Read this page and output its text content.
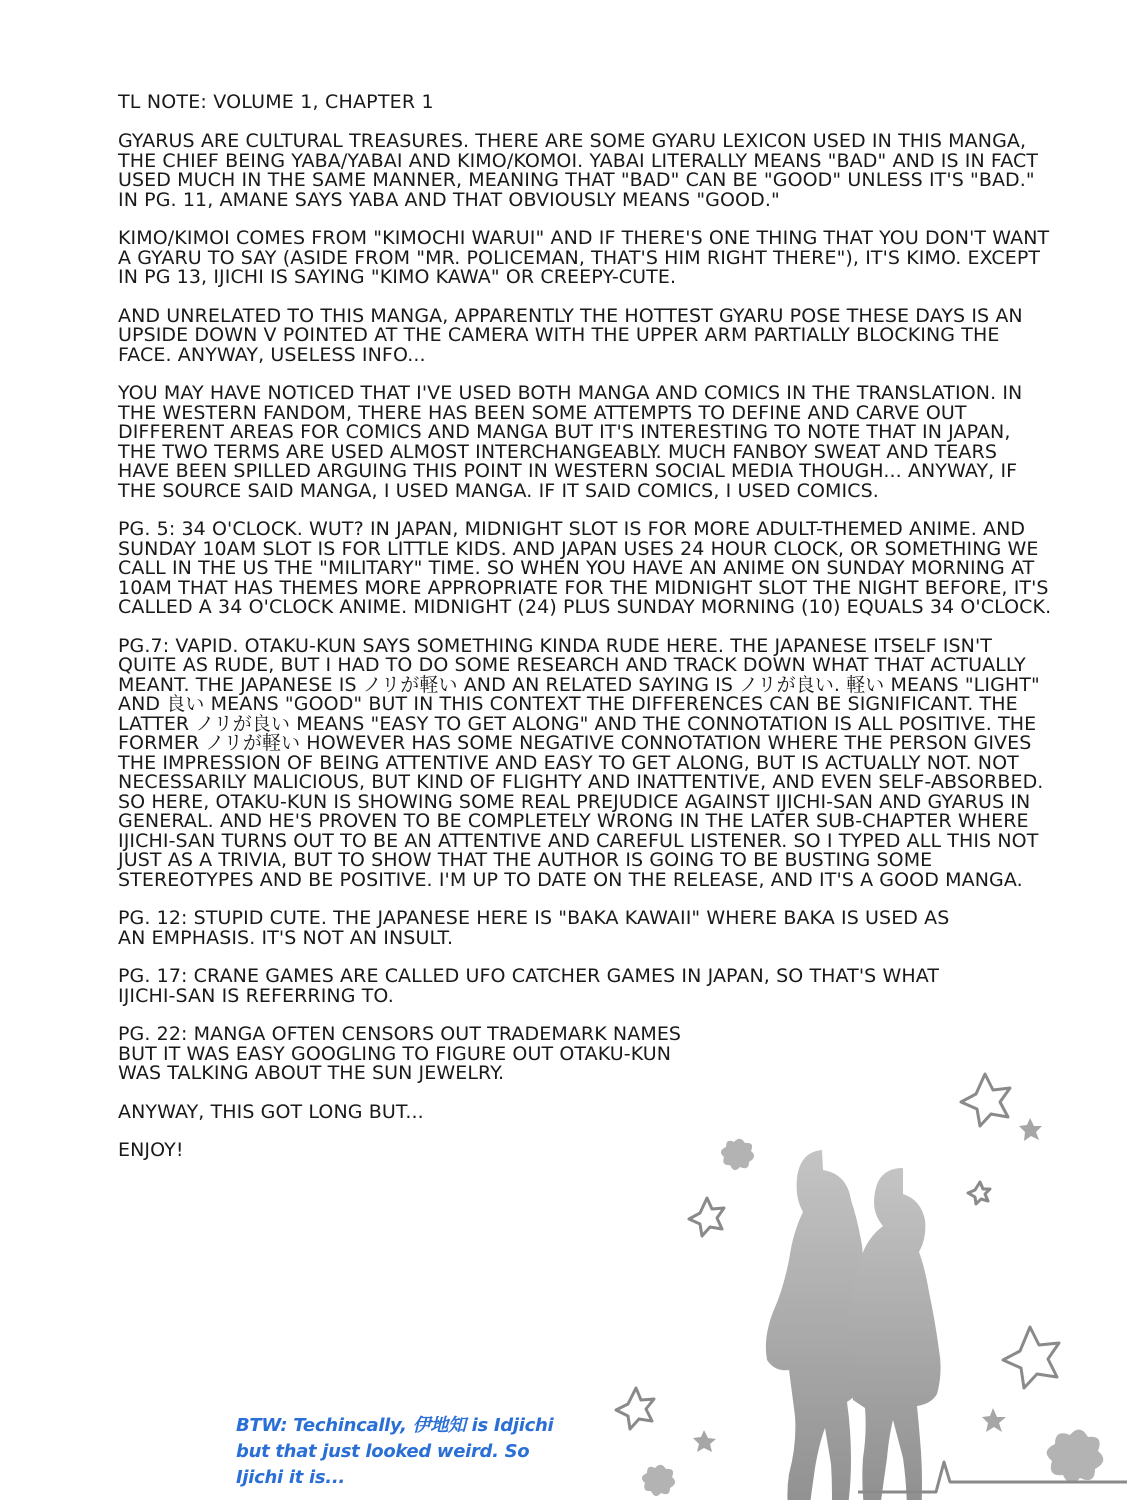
TL NOTE: VOLUME 1, CHAPTER 1
GYARUS ARE CULTURAL TREASURES. THERE ARE SOME GYARU LEXICON USED IN THIS MANGA, THE CHIEF BEING YABA/YABAI AND KIMO/KOMOI. YABAI LITERALLY MEANS "BAD" AND IS IN FACT USED MUCH IN THE SAME MANNER, MEANING THAT "BAD" CAN BE "GOOD" UNLESS IT'S "BAD." IN PG. 11, AMANE SAYS YABA AND THAT OBVIOUSLY MEANS "GOOD."
KIMO/KIMOI COMES FROM "KIMOCHI WARUI" AND IF THERE'S ONE THING THAT YOU DON'T WANT A GYARU TO SAY (ASIDE FROM "MR. POLICEMAN, THAT'S HIM RIGHT THERE"), IT'S KIMO. EXCEPT IN PG 13, IJICHI IS SAYING "KIMO KAWA" OR CREEPY-CUTE.
AND UNRELATED TO THIS MANGA, APPARENTLY THE HOTTEST GYARU POSE THESE DAYS IS AN UPSIDE DOWN V POINTED AT THE CAMERA WITH THE UPPER ARM PARTIALLY BLOCKING THE FACE. ANYWAY, USELESS INFO...
YOU MAY HAVE NOTICED THAT I'VE USED BOTH MANGA AND COMICS IN THE TRANSLATION. IN THE WESTERN FANDOM, THERE HAS BEEN SOME ATTEMPTS TO DEFINE AND CARVE OUT DIFFERENT AREAS FOR COMICS AND MANGA BUT IT'S INTERESTING TO NOTE THAT IN JAPAN, THE TWO TERMS ARE USED ALMOST INTERCHANGEABLY. MUCH FANBOY SWEAT AND TEARS HAVE BEEN SPILLED ARGUING THIS POINT IN WESTERN SOCIAL MEDIA THOUGH... ANYWAY, IF THE SOURCE SAID MANGA, I USED MANGA. IF IT SAID COMICS, I USED COMICS.
PG. 5: 34 O'CLOCK. WUT? IN JAPAN, MIDNIGHT SLOT IS FOR MORE ADULT-THEMED ANIME. AND SUNDAY 10AM SLOT IS FOR LITTLE KIDS. AND JAPAN USES 24 HOUR CLOCK, OR SOMETHING WE CALL IN THE US THE "MILITARY" TIME. SO WHEN YOU HAVE AN ANIME ON SUNDAY MORNING AT 10AM THAT HAS THEMES MORE APPROPRIATE FOR THE MIDNIGHT SLOT THE NIGHT BEFORE, IT'S CALLED A 34 O'CLOCK ANIME. MIDNIGHT (24) PLUS SUNDAY MORNING (10) EQUALS 34 O'CLOCK.
PG.7: VAPID. OTAKU-KUN SAYS SOMETHING KINDA RUDE HERE. THE JAPANESE ITSELF ISN'T QUITE AS RUDE, BUT I HAD TO DO SOME RESEARCH AND TRACK DOWN WHAT THAT ACTUALLY MEANT. THE JAPANESE IS ノリが軽い AND AN RELATED SAYING IS ノリが良い. 軽い MEANS "LIGHT" AND 良い MEANS "GOOD" BUT IN THIS CONTEXT THE DIFFERENCES CAN BE SIGNIFICANT. THE LATTER ノリが良い MEANS "EASY TO GET ALONG" AND THE CONNOTATION IS ALL POSITIVE. THE FORMER ノリが軽い HOWEVER HAS SOME NEGATIVE CONNOTATION WHERE THE PERSON GIVES THE IMPRESSION OF BEING ATTENTIVE AND EASY TO GET ALONG, BUT IS ACTUALLY NOT. NOT NECESSARILY MALICIOUS, BUT KIND OF FLIGHTY AND INATTENTIVE, AND EVEN SELF-ABSORBED. SO HERE, OTAKU-KUN IS SHOWING SOME REAL PREJUDICE AGAINST IJICHI-SAN AND GYARUS IN GENERAL. AND HE'S PROVEN TO BE COMPLETELY WRONG IN THE LATER SUB-CHAPTER WHERE IJICHI-SAN TURNS OUT TO BE AN ATTENTIVE AND CAREFUL LISTENER. SO I TYPED ALL THIS NOT JUST AS A TRIVIA, BUT TO SHOW THAT THE AUTHOR IS GOING TO BE BUSTING SOME STEREOTYPES AND BE POSITIVE. I'M UP TO DATE ON THE RELEASE, AND IT'S A GOOD MANGA.
PG. 12: STUPID CUTE. THE JAPANESE HERE IS "BAKA KAWAII" WHERE BAKA IS USED AS AN EMPHASIS. IT'S NOT AN INSULT.
PG. 17: CRANE GAMES ARE CALLED UFO CATCHER GAMES IN JAPAN, SO THAT'S WHAT IJICHI-SAN IS REFERRING TO.
PG. 22: MANGA OFTEN CENSORS OUT TRADEMARK NAMES BUT IT WAS EASY GOOGLING TO FIGURE OUT OTAKU-KUN WAS TALKING ABOUT THE SUN JEWELRY.
ANYWAY, THIS GOT LONG BUT...
ENJOY!
BTW: Techincally, 伊地知 is Idjichi but that just looked weird. So Ijichi it is...
